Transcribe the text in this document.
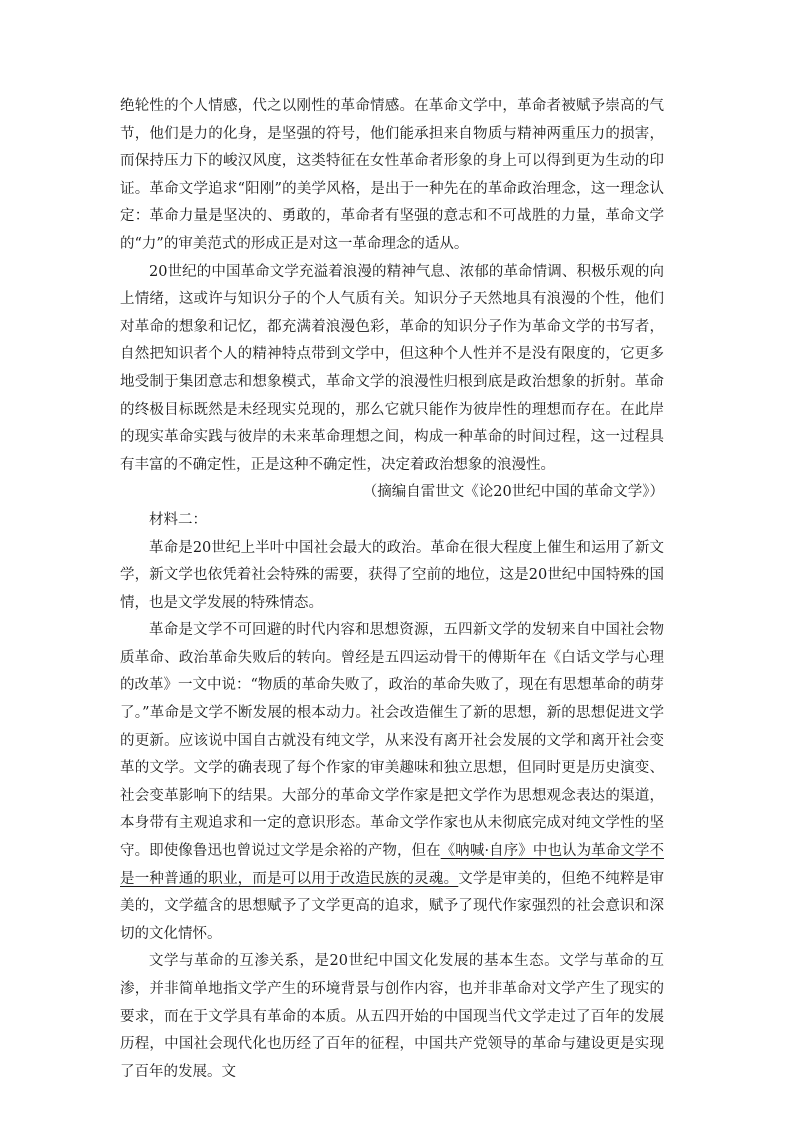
绝轮性的个人情感，代之以刚性的革命情感。在革命文学中，革命者被赋予崇高的气节，他们是力的化身，是坚强的符号，他们能承担来自物质与精神两重压力的损害，而保持压力下的峻汉风度，这类特征在女性革命者形象的身上可以得到更为生动的印证。革命文学追求“阳刚”的美学风格，是出于一种先在的革命政治理念，这一理念认定：革命力量是坚决的、勇敢的，革命者有坚强的意志和不可战胜的力量，革命文学的“力”的审美范式的形成正是对这一革命理念的适从。

20世纪的中国革命文学充溢着浪漫的精神气息、浓郁的革命情调、积极乐观的向上情绪，这或许与知识分子的个人气质有关。知识分子天然地具有浪漫的个性，他们对革命的想象和记忆，都充满着浪漫色彩，革命的知识分子作为革命文学的书写者，自然把知识者个人的精神特点带到文学中，但这种个人性并不是没有限度的，它更多地受制于集团意志和想象模式，革命文学的浪漫性归根到底是政治想象的折射。革命的终极目标既然是未经现实兑现的，那么它就只能作为彼岸性的理想而存在。在此岸的现实革命实践与彼岸的未来革命理想之间，构成一种革命的时间过程，这一过程具有丰富的不确定性，正是这种不确定性，决定着政治想象的浪漫性。

（摘编自雷世文《论20世纪中国的革命文学》）

材料二：

革命是20世纪上半叶中国社会最大的政治。革命在很大程度上催生和运用了新文学，新文学也依凭着社会特殊的需要，获得了空前的地位，这是20世纪中国特殊的国情，也是文学发展的特殊情态。

革命是文学不可回避的时代内容和思想资源，五四新文学的发轫来自中国社会物质革命、政治革命失败后的转向。曾经是五四运动骨干的傅斯年在《白话文学与心理的改革》一文中说：“物质的革命失败了，政治的革命失败了，现在有思想革命的萌芽了。”革命是文学不断发展的根本动力。社会改造催生了新的思想，新的思想促进文学的更新。应该说中国自古就没有纯文学，从来没有离开社会发展的文学和离开社会变革的文学。文学的确表现了每个作家的审美趣味和独立思想，但同时更是历史演变、社会变革影响下的结果。大部分的革命文学作家是把文学作为思想观念表达的渠道，本身带有主观追求和一定的意识形态。革命文学作家也从未彻底完成对纯文学性的坚守。即使像鲁迅也曾说过文学是余裕的产物，但在《呐喊·自序》中也认为革命文学不是一种普通的职业，而是可以用于改造民族的灵魂。文学是审美的，但绝不纯粹是审美的，文学蕴含的思想赋予了文学更高的追求，赋予了现代作家强烈的社会意识和深切的文化情怀。

文学与革命的互渗关系，是20世纪中国文化发展的基本生态。文学与革命的互渗，并非简单地指文学产生的环境背景与创作内容，也并非革命对文学产生了现实的要求，而在于文学具有革命的本质。从五四开始的中国现当代文学走过了百年的发展历程，中国社会现代化也历经了百年的征程，中国共产党领导的革命与建设更是实现了百年的发展。文
